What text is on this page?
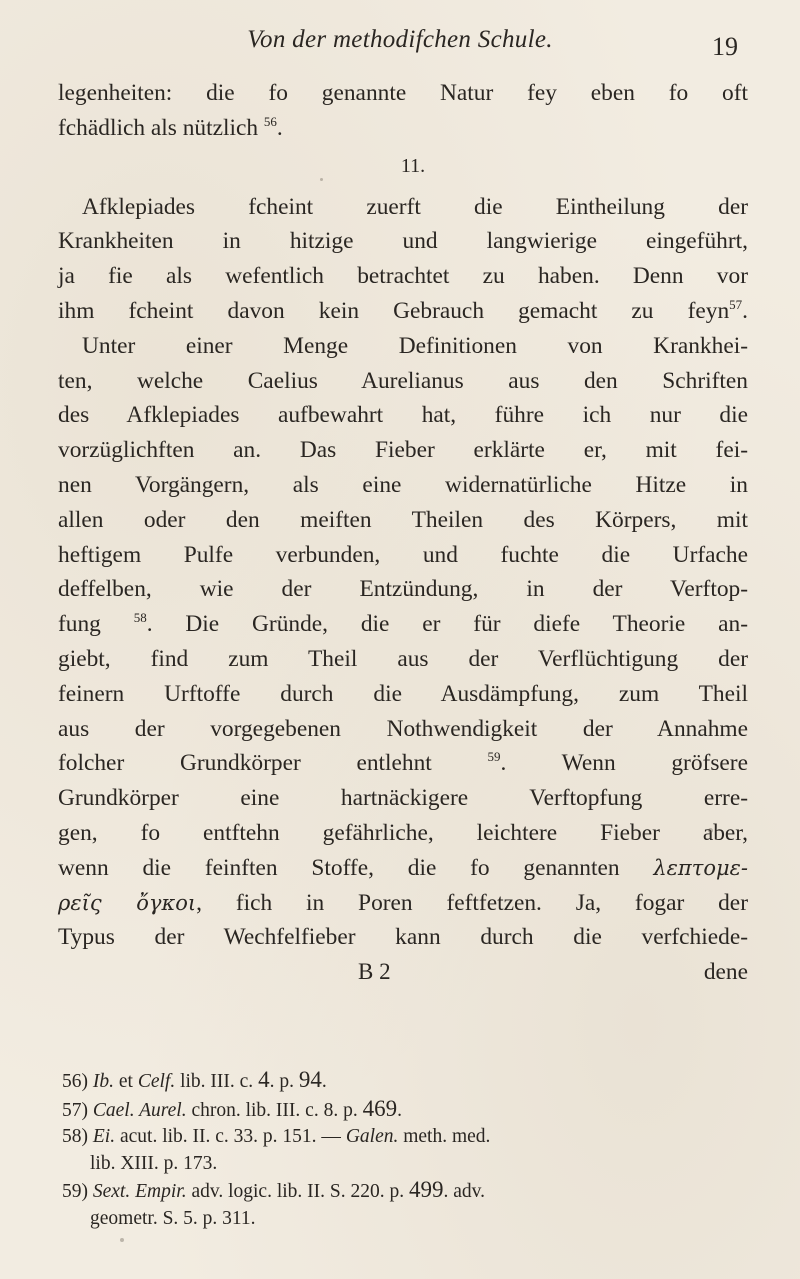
Von der methodifchen Schule.	19
legenheiten: die fo genannte Natur fey eben fo oft
fchädlich als nützlich $^{56}$.
11.
Afklepiades fcheint zuerft die Eintheilung der
Krankheiten in hitzige und langwierige eingeführt,
ja fie als wefentlich betrachtet zu haben. Denn vor
ihm fcheint davon kein Gebrauch gemacht zu feyn$^{57}$.
Unter einer Menge Definitionen von Krankhei-
ten, welche Caelius Aurelianus aus den Schriften
des Afklepiades aufbewahrt hat, führe ich nur die
vorzüglichften an. Das Fieber erklärte er, mit fei-
nen Vorgängern, als eine widernatürliche Hitze in
allen oder den meiften Theilen des Körpers, mit
heftigem Pulfe verbunden, und fuchte die Urfache
deffelben, wie der Entzündung, in der Verftop-
fung	$^{58}$. Die Gründe, die er für diefe Theorie an-
giebt, find zum Theil aus der Verflüchtigung der
feinern Urftoffe durch die Ausdämpfung, zum Theil
aus der vorgegebenen Nothwendigkeit der Annahme
folcher Grundkörper entlehnt	$^{59}$. Wenn gröfsere
Grundkörper eine hartnäckigere Verftopfung erre-
gen, fo entftehn gefährliche, leichtere Fieber aber,
wenn die feinften Stoffe, die fo genannten λεπτομε-
ρεῖς ὄγκοι, fich in Poren feftfetzen. Ja, fogar der
Typus der Wechfelfieber kann durch die verfchiede-
B 2	dene
56) Ib. et Celf. lib. III. c. 4. p. 94.
57) Cael. Aurel. chron. lib. III. c. 8. p. 469.
58) Ei. acut. lib. II. c. 33. p. 151. — Galen. meth. med.
lib. XIII. p. 173.
59) Sext. Empir. adv. logic. lib. II. S. 220. p. 499. adv.
geometr. S. 5. p. 311.
